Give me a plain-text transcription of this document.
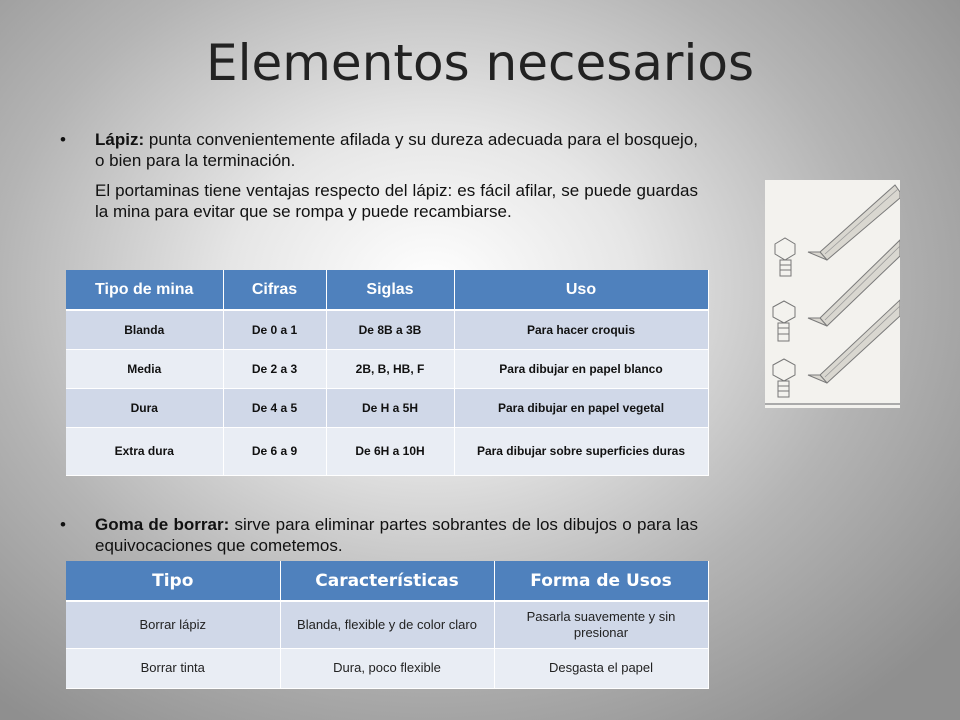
Elementos necesarios
•	Lápiz: punta convenientemente afilada y su dureza adecuada para el bosquejo, o bien para la terminación.

El portaminas tiene ventajas respecto del lápiz: es fácil afilar, se puede guardas la mina para evitar que se rompa y puede recambiarse.

Tipo de mina	Cifras	Siglas	Uso
Blanda	De 0 a 1	De 8B a 3B	Para hacer croquis
Media	De 2 a 3	2B, B, HB, F	Para dibujar en papel blanco
Dura	De 4 a 5	De H a 5H	Para dibujar en papel vegetal
Extra dura	De 6 a 9	De 6H a 10H	Para dibujar sobre superficies duras
•	Goma de borrar: sirve para eliminar partes sobrantes de los dibujos o para las equivocaciones que cometemos.

Tipo	Características	Forma de Usos
Borrar lápiz	Blanda, flexible y de color claro	Pasarla suavemente y sin presionar
Borrar tinta	Dura, poco flexible	Desgasta el papel
